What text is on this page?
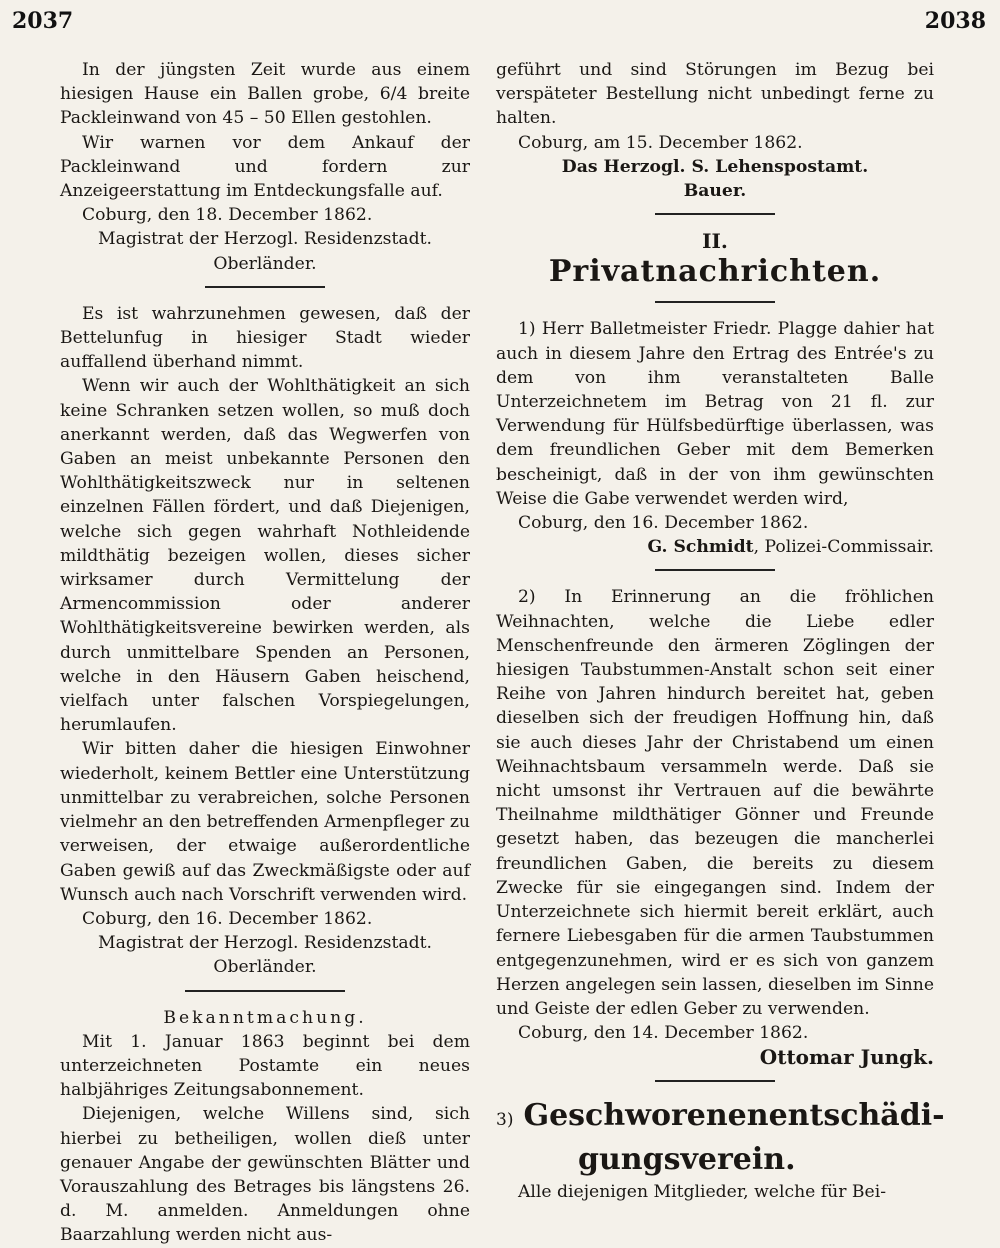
2037	2038

In der jüngsten Zeit wurde aus einem hiesigen Hause ein Ballen grobe, 6/4 breite Packleinwand von 45 – 50 Ellen gestohlen.

Wir warnen vor dem Ankauf der Packleinwand und fordern zur Anzeigeerstattung im Entdeckungsfalle auf.

Coburg, den 18. December 1862.

Magistrat der Herzogl. Residenzstadt.

Oberländer.

Es ist wahrzunehmen gewesen, daß der Bettelunfug in hiesiger Stadt wieder auffallend überhand nimmt.

Wenn wir auch der Wohlthätigkeit an sich keine Schranken setzen wollen, so muß doch anerkannt werden, daß das Wegwerfen von Gaben an meist unbekannte Personen den Wohlthätigkeitszweck nur in seltenen einzelnen Fällen fördert, und daß Diejenigen, welche sich gegen wahrhaft Nothleidende mildthätig bezeigen wollen, dieses sicher wirksamer durch Vermittelung der Armencommission oder anderer Wohlthätigkeitsvereine bewirken werden, als durch unmittelbare Spenden an Personen, welche in den Häusern Gaben heischend, vielfach unter falschen Vorspiegelungen, herumlaufen.

Wir bitten daher die hiesigen Einwohner wiederholt, keinem Bettler eine Unterstützung unmittelbar zu verabreichen, solche Personen vielmehr an den betreffenden Armenpfleger zu verweisen, der etwaige außerordentliche Gaben gewiß auf das Zweckmäßigste oder auf Wunsch auch nach Vorschrift verwenden wird.

Coburg, den 16. December 1862.

Magistrat der Herzogl. Residenzstadt.

Oberländer.

Bekanntmachung.

Mit 1. Januar 1863 beginnt bei dem unterzeichneten Postamte ein neues halbjähriges Zeitungsabonnement.

Diejenigen, welche Willens sind, sich hierbei zu betheiligen, wollen dieß unter genauer Angabe der gewünschten Blätter und Vorauszahlung des Betrages bis längstens 26. d. M. anmelden. Anmeldungen ohne Baarzahlung werden nicht aus-

geführt und sind Störungen im Bezug bei verspäteter Bestellung nicht unbedingt ferne zu halten.

Coburg, am 15. December 1862.

Das Herzogl. S. Lehenspostamt.

Bauer.

II.

Privatnachrichten.

1) Herr Balletmeister Friedr. Plagge dahier hat auch in diesem Jahre den Ertrag des Entrée's zu dem von ihm veranstalteten Balle Unterzeichnetem im Betrag von 21 fl. zur Verwendung für Hülfsbedürftige überlassen, was dem freundlichen Geber mit dem Bemerken bescheinigt, daß in der von ihm gewünschten Weise die Gabe verwendet werden wird,

Coburg, den 16. December 1862.

G. Schmidt, Polizei-Commissair.

2) In Erinnerung an die fröhlichen Weihnachten, welche die Liebe edler Menschenfreunde den ärmeren Zöglingen der hiesigen Taubstummen-Anstalt schon seit einer Reihe von Jahren hindurch bereitet hat, geben dieselben sich der freudigen Hoffnung hin, daß sie auch dieses Jahr der Christabend um einen Weihnachtsbaum versammeln werde. Daß sie nicht umsonst ihr Vertrauen auf die bewährte Theilnahme mildthätiger Gönner und Freunde gesetzt haben, das bezeugen die mancherlei freundlichen Gaben, die bereits zu diesem Zwecke für sie eingegangen sind. Indem der Unterzeichnete sich hiermit bereit erklärt, auch fernere Liebesgaben für die armen Taubstummen entgegenzunehmen, wird er es sich von ganzem Herzen angelegen sein lassen, dieselben im Sinne und Geiste der edlen Geber zu verwenden.

Coburg, den 14. December 1862.

Ottomar Jungk.

3) Geschworenenentschädi-
gungsverein.

Alle diejenigen Mitglieder, welche für Bei-
